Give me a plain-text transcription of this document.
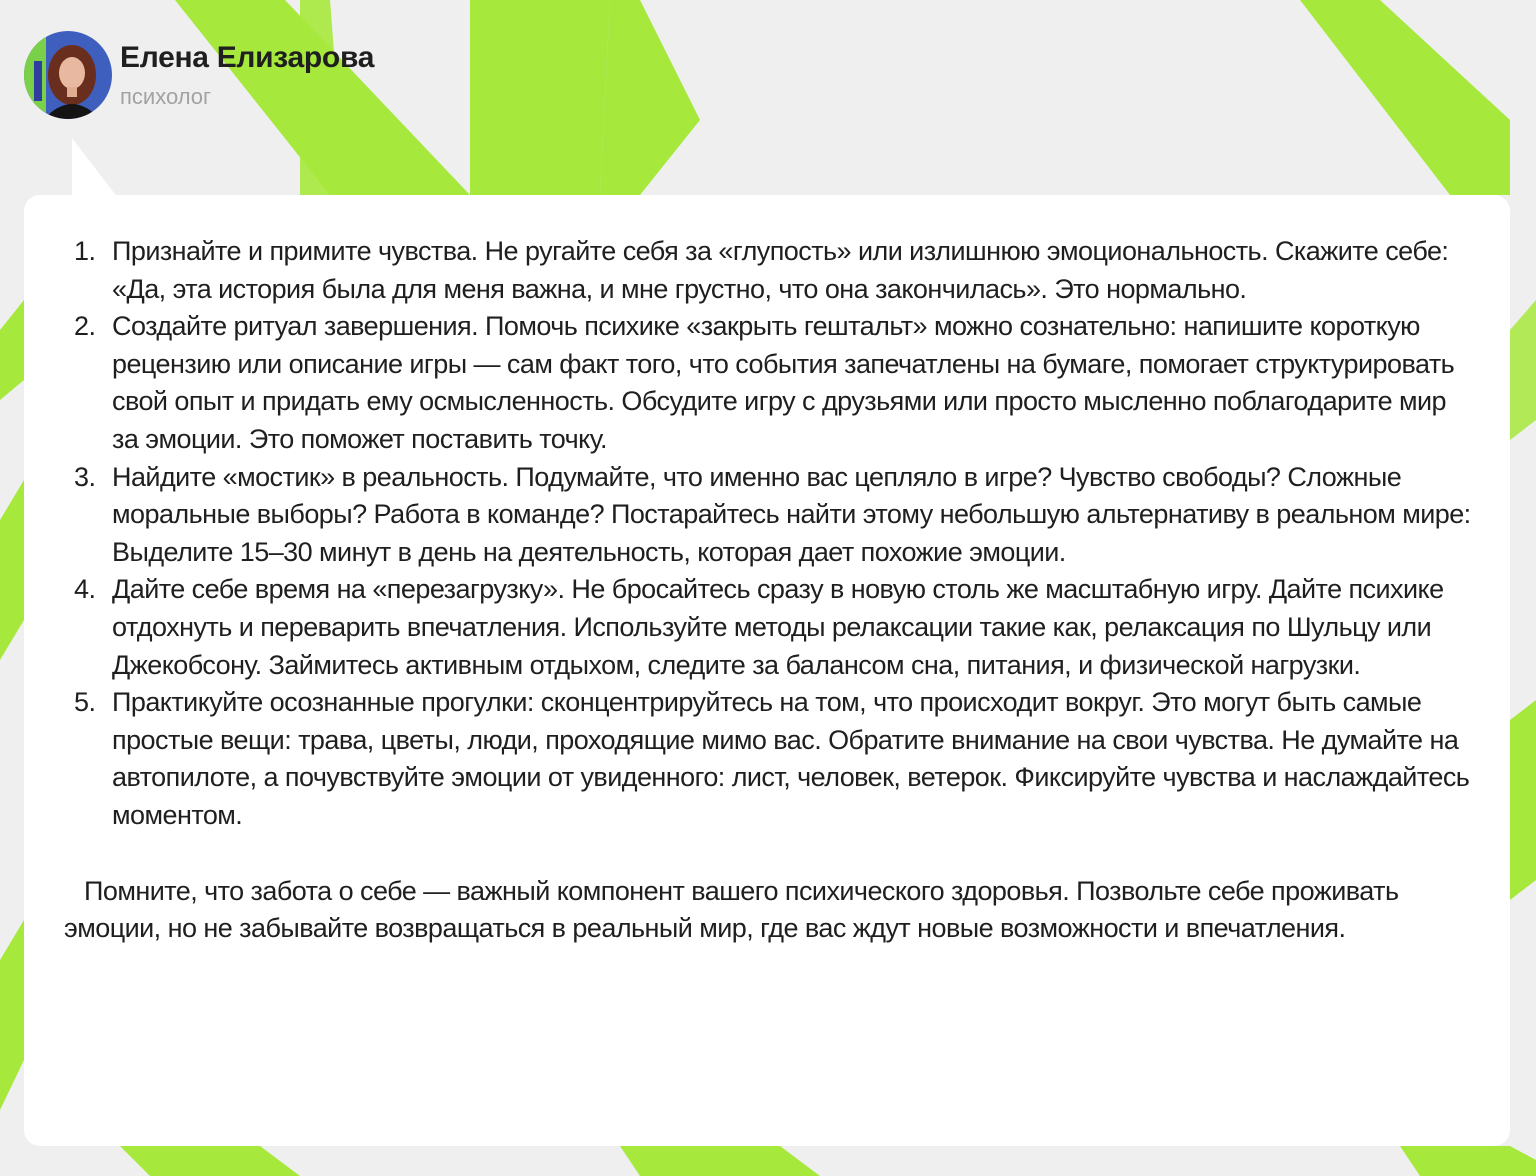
Елена Елизарова
психолог
1. Признайте и примите чувства. Не ругайте себя за «глупость» или излишнюю эмоциональность. Скажите себе: «Да, эта история была для меня важна, и мне грустно, что она закончилась». Это нормально.
2. Создайте ритуал завершения. Помочь психике «закрыть гештальт» можно сознательно: напишите короткую рецензию или описание игры — сам факт того, что события запечатлены на бумаге, помогает структурировать свой опыт и придать ему осмысленность. Обсудите игру с друзьями или просто мысленно поблагодарите мир за эмоции. Это поможет поставить точку.
3. Найдите «мостик» в реальность. Подумайте, что именно вас цепляло в игре? Чувство свободы? Сложные моральные выборы? Работа в команде? Постарайтесь найти этому небольшую альтернативу в реальном мире: Выделите 15–30 минут в день на деятельность, которая дает похожие эмоции.
4. Дайте себе время на «перезагрузку». Не бросайтесь сразу в новую столь же масштабную игру. Дайте психике отдохнуть и переварить впечатления. Используйте методы релаксации такие как, релаксация по Шульцу или Джекобсону. Займитесь активным отдыхом, следите за балансом сна, питания, и физической нагрузки.
5. Практикуйте осознанные прогулки: сконцентрируйтесь на том, что происходит вокруг. Это могут быть самые простые вещи: трава, цветы, люди, проходящие мимо вас. Обратите внимание на свои чувства. Не думайте на автопилоте, а почувствуйте эмоции от увиденного: лист, человек, ветерок. Фиксируйте чувства и наслаждайтесь моментом.

Помните, что забота о себе — важный компонент вашего психического здоровья. Позвольте себе проживать эмоции, но не забывайте возвращаться в реальный мир, где вас ждут новые возможности и впечатления.
